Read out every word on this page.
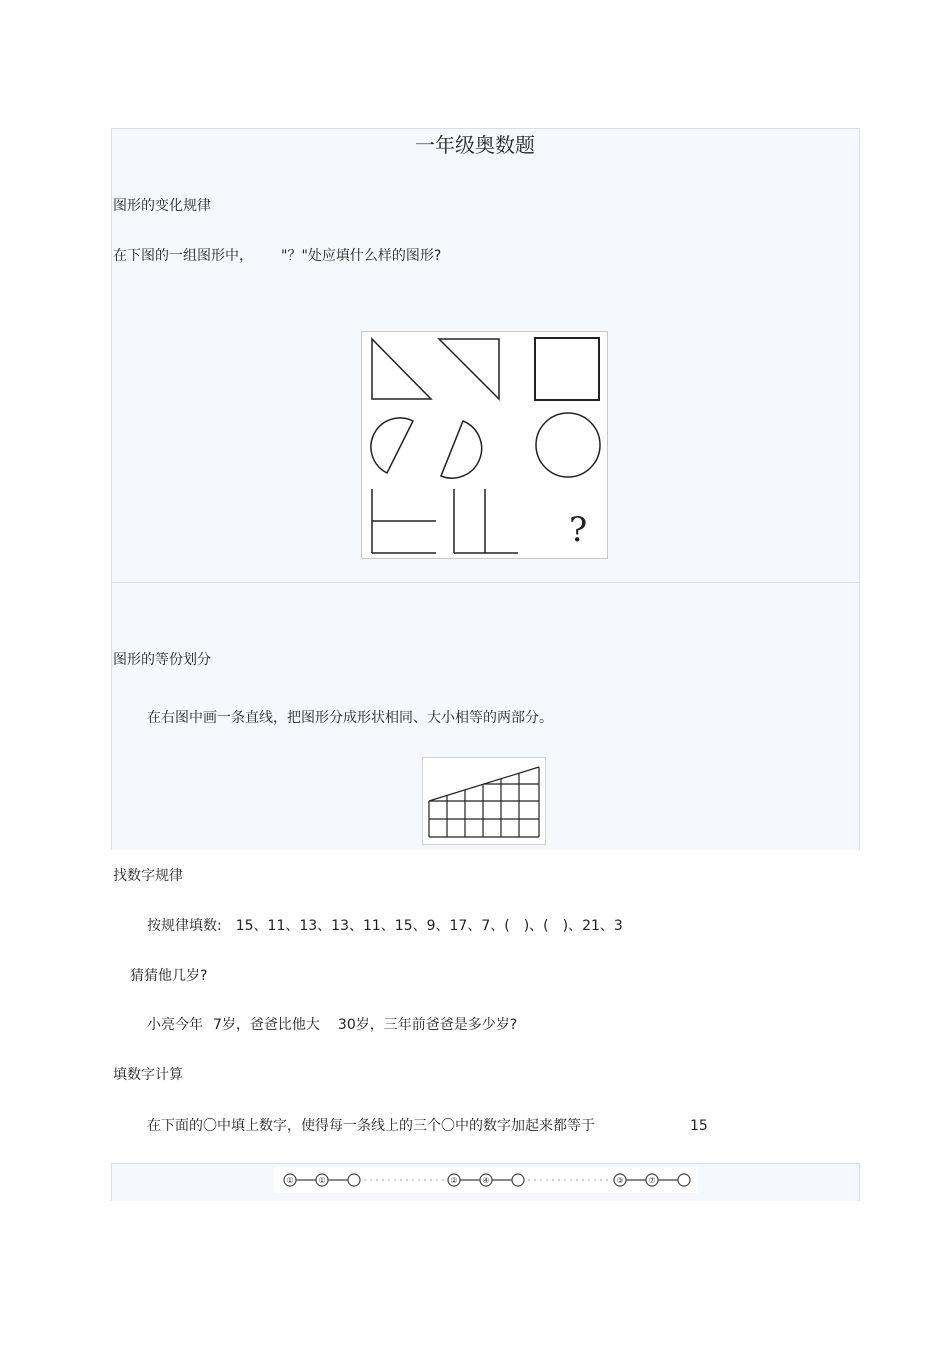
一年级奥数题
图形的变化规律
在下图的一组图形中， "？"处应填什么样的图形?
?
图形的等份划分
在右图中画一条直线，把图形分成形状相同、大小相等的两部分。
找数字规律
按规律填数: 15、11、13、13、11、15、9、17、7、(　)、(　)、21、3
猜猜他几岁?
小亮今年 7岁，爸爸比他大 30岁，三年前爸爸是多少岁?
填数字计算
在下面的〇中填上数字，使得每一条线上的三个〇中的数字加起来都等于	15
①	①	②	④	③	⑦
